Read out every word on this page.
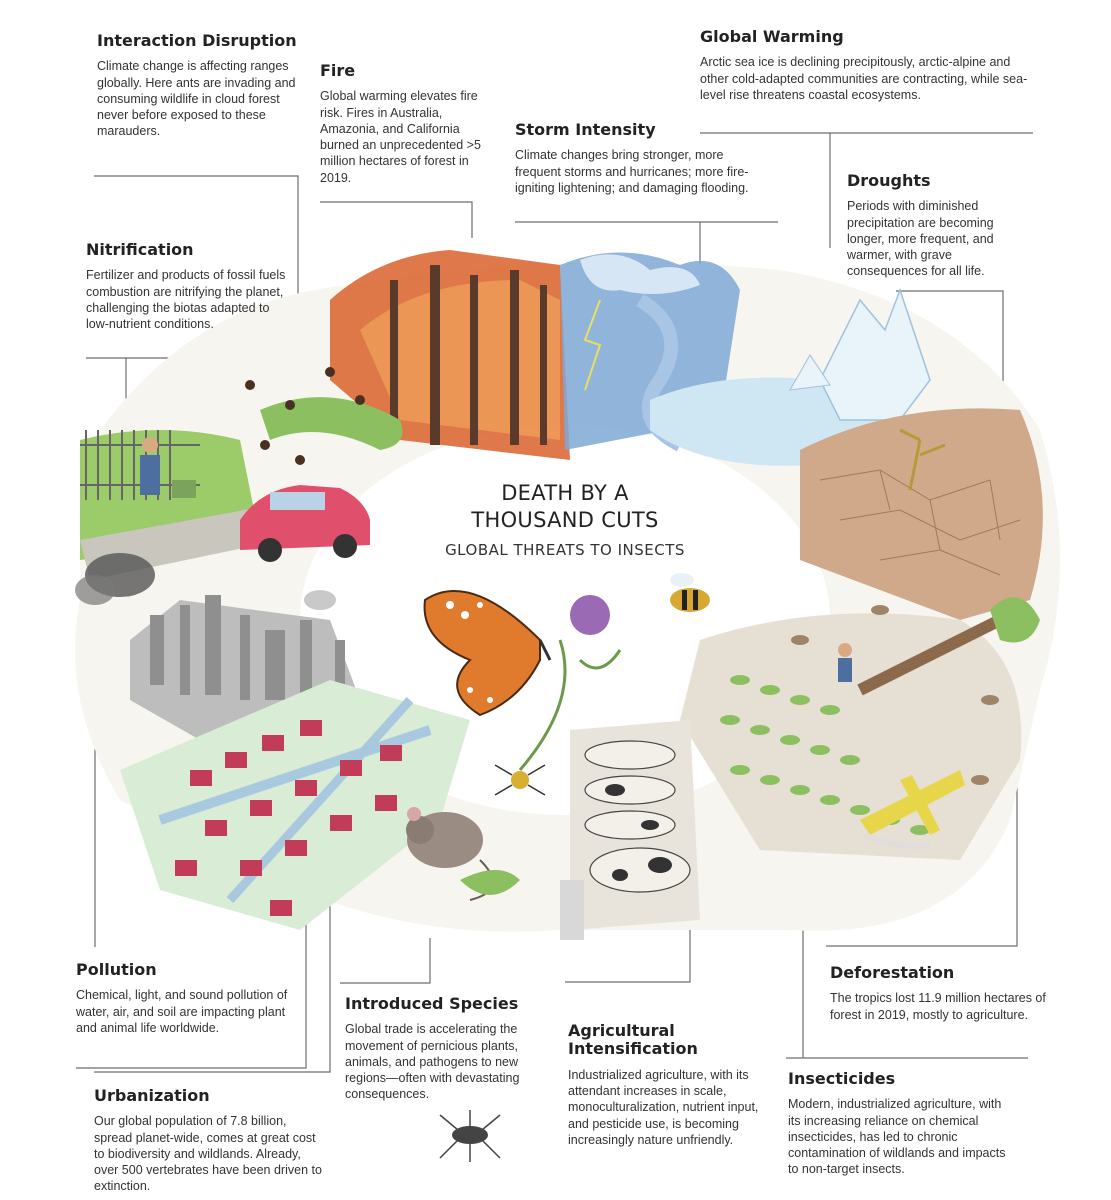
DEATH BY A
THOUSAND CUTS
GLOBAL THREATS TO INSECTS
Interaction Disruption

Climate change is affecting ranges globally. Here ants are invading and consuming wildlife in cloud forest never before exposed to these marauders.

Fire

Global warming elevates fire risk. Fires in Australia, Amazonia, and California burned an unprecedented >5 million hectares of forest in 2019.

Storm Intensity

Climate changes bring stronger, more frequent storms and hurricanes; more fire-igniting lightening; and damaging flooding.

Global Warming

Arctic sea ice is declining precipitously, arctic-alpine and other cold-adapted communities are contracting, while sea-level rise threatens coastal ecosystems.

Droughts

Periods with diminished precipitation are becoming longer, more frequent, and warmer, with grave consequences for all life.

Nitrification

Fertilizer and products of fossil fuels combustion are nitrifying the planet, challenging the biotas adapted to low-nutrient conditions.

Pollution

Chemical, light, and sound pollution of water, air, and soil are impacting plant and animal life worldwide.

Urbanization

Our global population of 7.8 billion, spread planet-wide, comes at great cost to biodiversity and wildlands. Already, over 500 vertebrates have been driven to extinction.

Introduced Species

Global trade is accelerating the movement of pernicious plants, animals, and pathogens to new regions—often with devastating consequences.

Agricultural Intensification

Industrialized agriculture, with its attendant increases in scale, monoculturalization, nutrient input, and pesticide use, is becoming increasingly nature unfriendly.

Deforestation

The tropics lost 11.9 million hectares of forest in 2019, mostly to agriculture.

Insecticides

Modern, industrialized agriculture, with its increasing reliance on chemical insecticides, has led to chronic contamination of wildlands and impacts to non-target insects.
